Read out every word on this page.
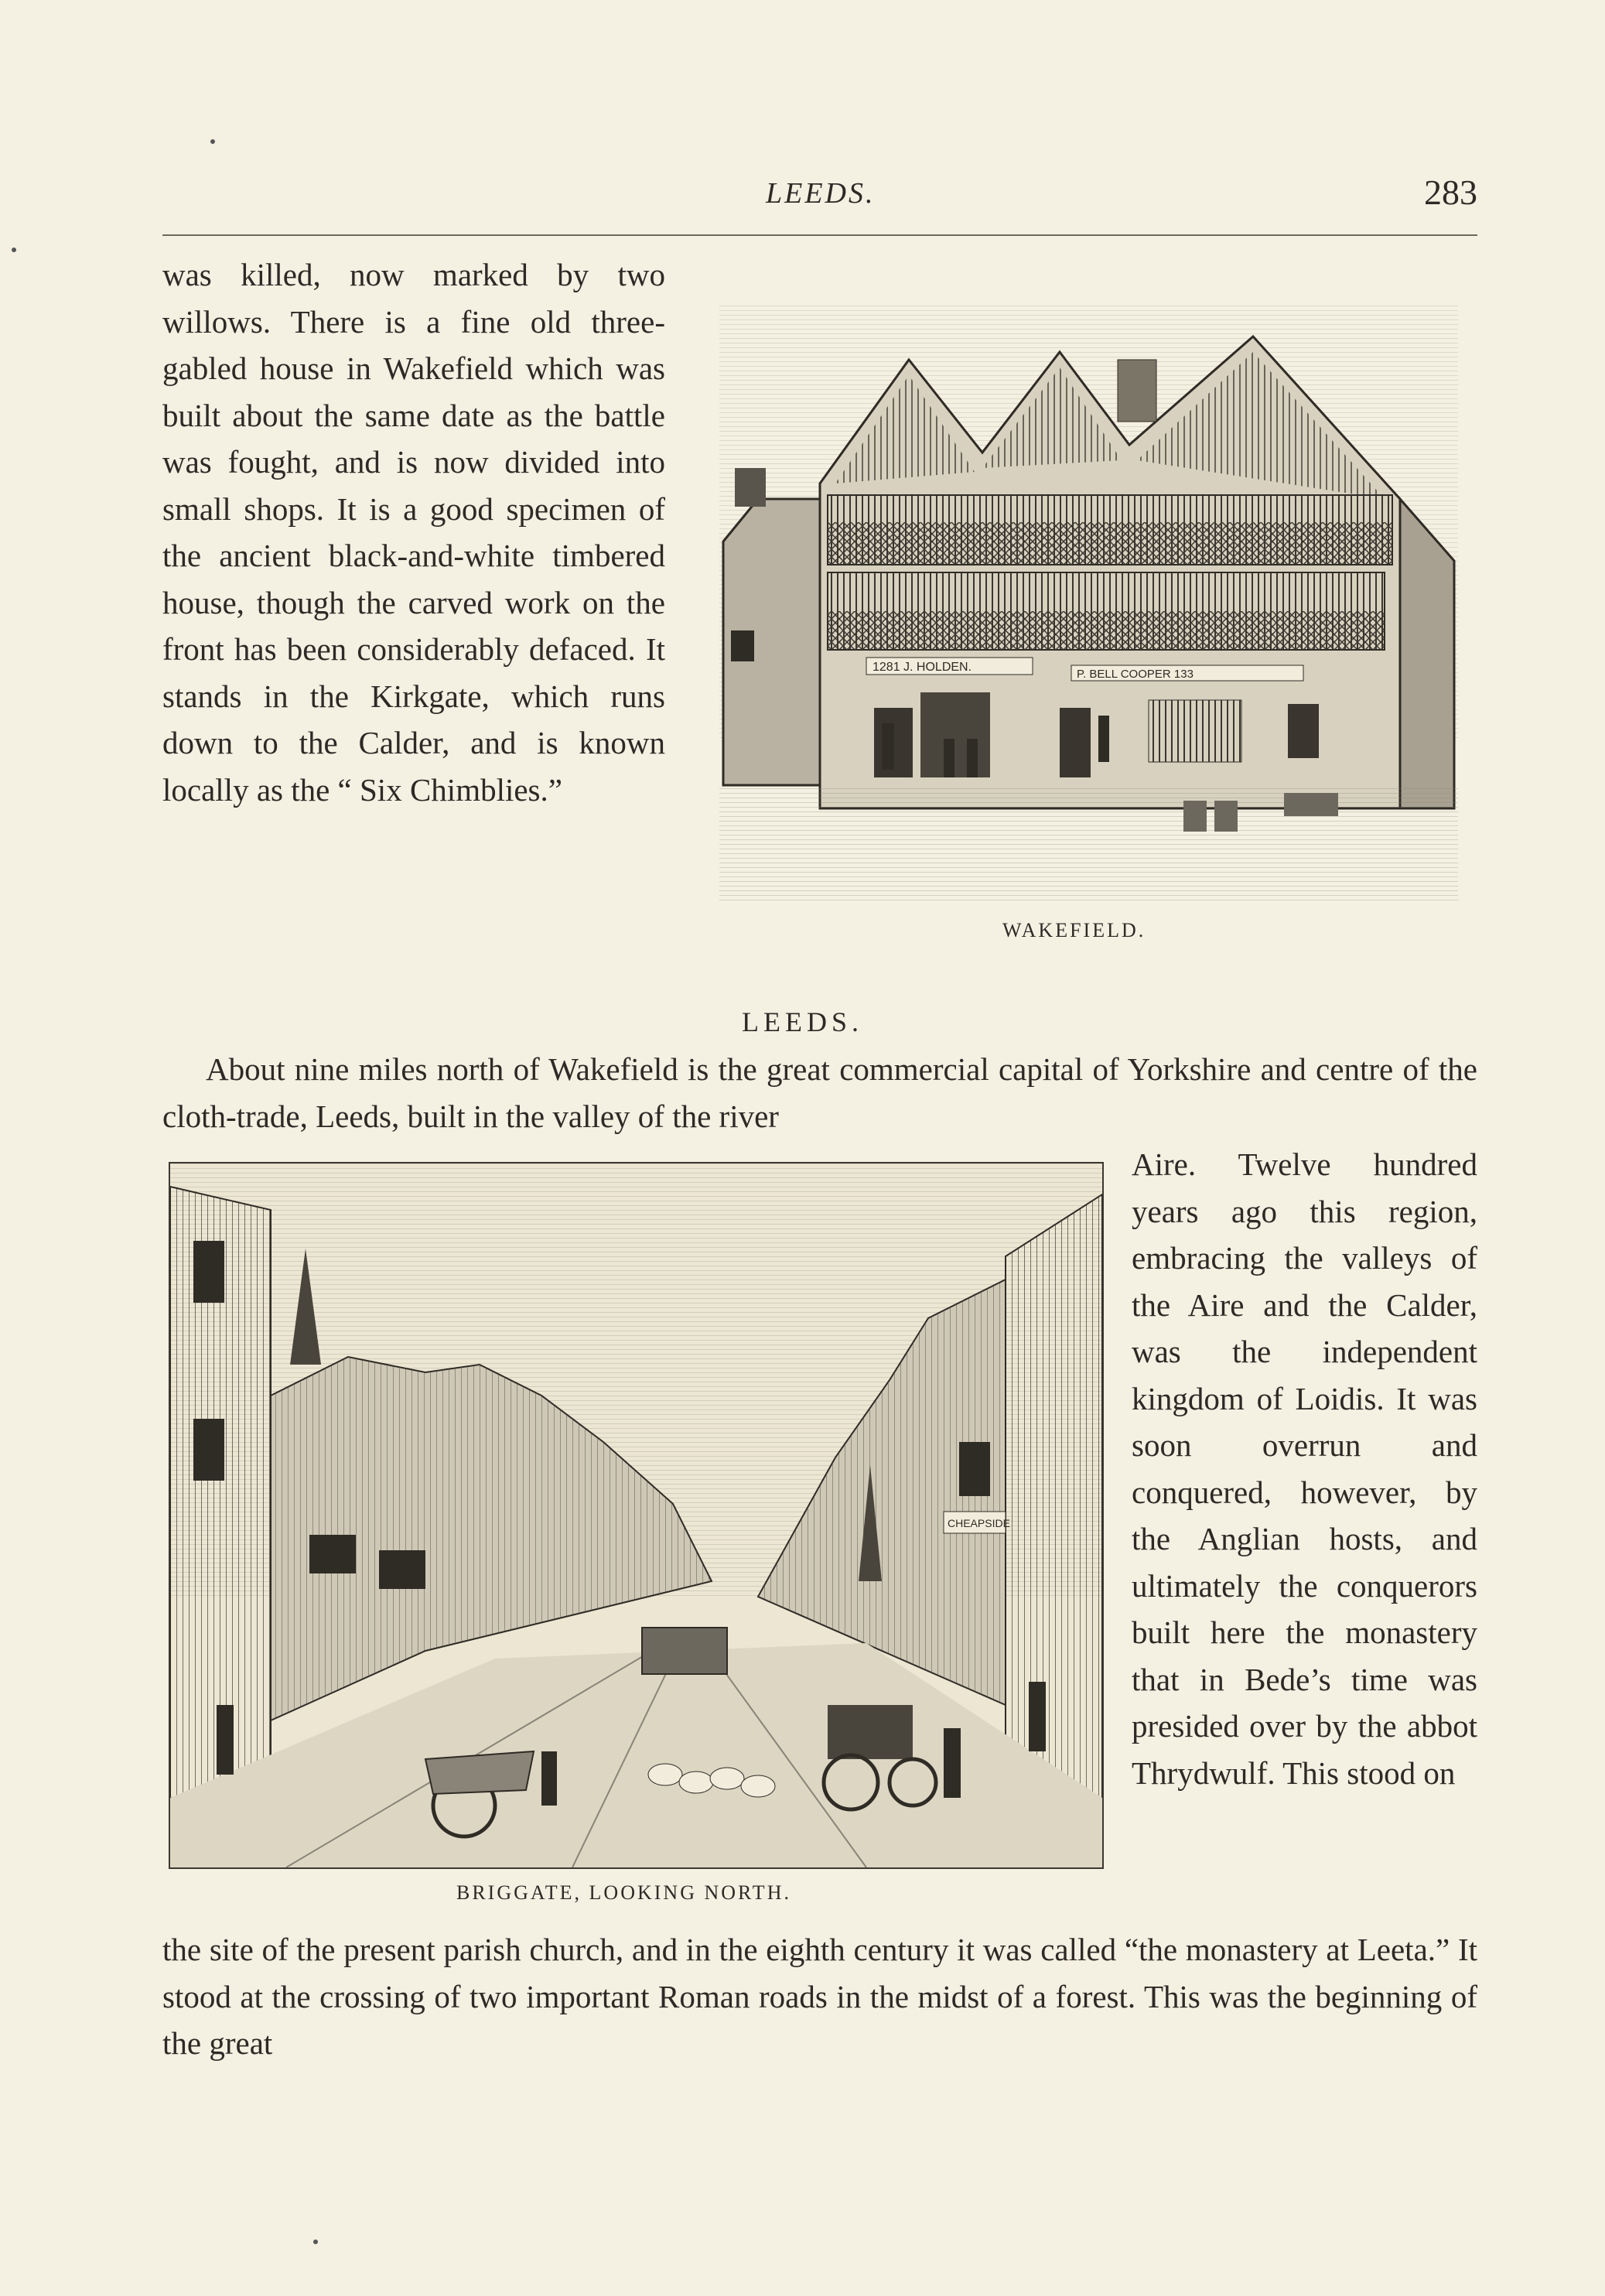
LEEDS.	283
was killed, now marked by two willows. There is a fine old three-gabled house in Wakefield which was built about the same date as the battle was fought, and is now divided into small shops. It is a good specimen of the ancient black-and-white timbered house, though the carved work on the front has been considerably defaced. It stands in the Kirkgate, which runs down to the Calder, and is known locally as the “ Six Chimblies.”
1281 J. HOLDEN.
P. BELL COOPER 133
WAKEFIELD.
LEEDS.
About nine miles north of Wakefield is the great commercial capital of Yorkshire and centre of the cloth-trade, Leeds, built in the valley of the river
CHEAPSIDE
BRIGGATE, LOOKING NORTH.
Aire. Twelve hundred years ago this region, embracing the valleys of the Aire and the Calder, was the independent kingdom of Loidis. It was soon overrun and conquered, however, by the Anglian hosts, and ultimately the conquerors built here the monastery that in Bede’s time was presided over by the abbot Thrydwulf. This stood on
the site of the present parish church, and in the eighth century it was called “the monastery at Leeta.” It stood at the crossing of two important Roman roads in the midst of a forest. This was the beginning of the great
